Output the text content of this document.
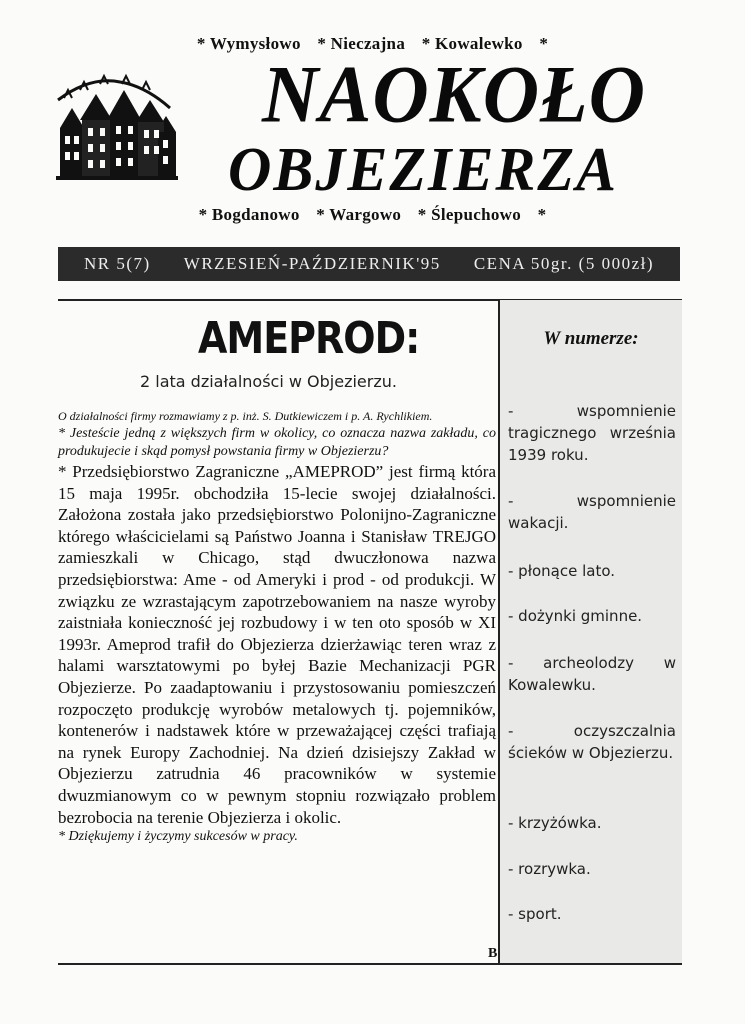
* Wymysłowo * Nieczajna * Kowalewko *
NAOKOŁO
OBJEZIERZA
* Bogdanowo * Wargowo * Ślepuchowo *
NR 5(7) WRZESIEŃ-PAŹDZIERNIK'95 CENA 50gr. (5 000zł)
AMEPROD:
2 lata działalności w Objezierzu.

O działalności firmy rozmawiamy z p. inż. S. Dutkiewiczem i p. A. Rychlikiem.

* Jesteście jedną z większych firm w okolicy, co oznacza nazwa zakładu, co produkujecie i skąd pomysł powstania firmy w Objezierzu?

* Przedsiębiorstwo Zagraniczne „AMEPROD” jest firmą która 15 maja 1995r. obchodziła 15-lecie swojej działalności. Założona została jako przedsiębiorstwo Polonijno-Zagraniczne którego właścicielami są Państwo Joanna i Stanisław TREJGO zamieszkali w Chicago, stąd dwuczłonowa nazwa przedsiębiorstwa: Ame - od Ameryki i prod - od produkcji. W związku ze wzrastającym zapotrzebowaniem na nasze wyroby zaistniała konieczność jej rozbudowy i w ten oto sposób w XI 1993r. Ameprod trafił do Objezierza dzierżawiąc teren wraz z halami warsztatowymi po byłej Bazie Mechanizacji PGR Objezierze. Po zaadaptowaniu i przystosowaniu pomieszczeń rozpoczęto produkcję wyrobów metalowych tj. pojemników, kontenerów i nadstawek które w przeważającej części trafiają na rynek Europy Zachodniej. Na dzień dzisiejszy Zakład w Objezierzu zatrudnia 46 pracowników w systemie dwuzmianowym co w pewnym stopniu rozwiązało problem bezrobocia na terenie Objezierza i okolic.

* Dziękujemy i życzymy sukcesów w pracy.

W numerze:
- wspomnienie tragicznego września 1939 roku.
- wspomnienie wakacji.
- płonące lato.
- dożynki gminne.
- archeolodzy w Kowalewku.
- oczyszczalnia ścieków w Objezierzu.
- krzyżówka.
- rozrywka.
- sport.
B
